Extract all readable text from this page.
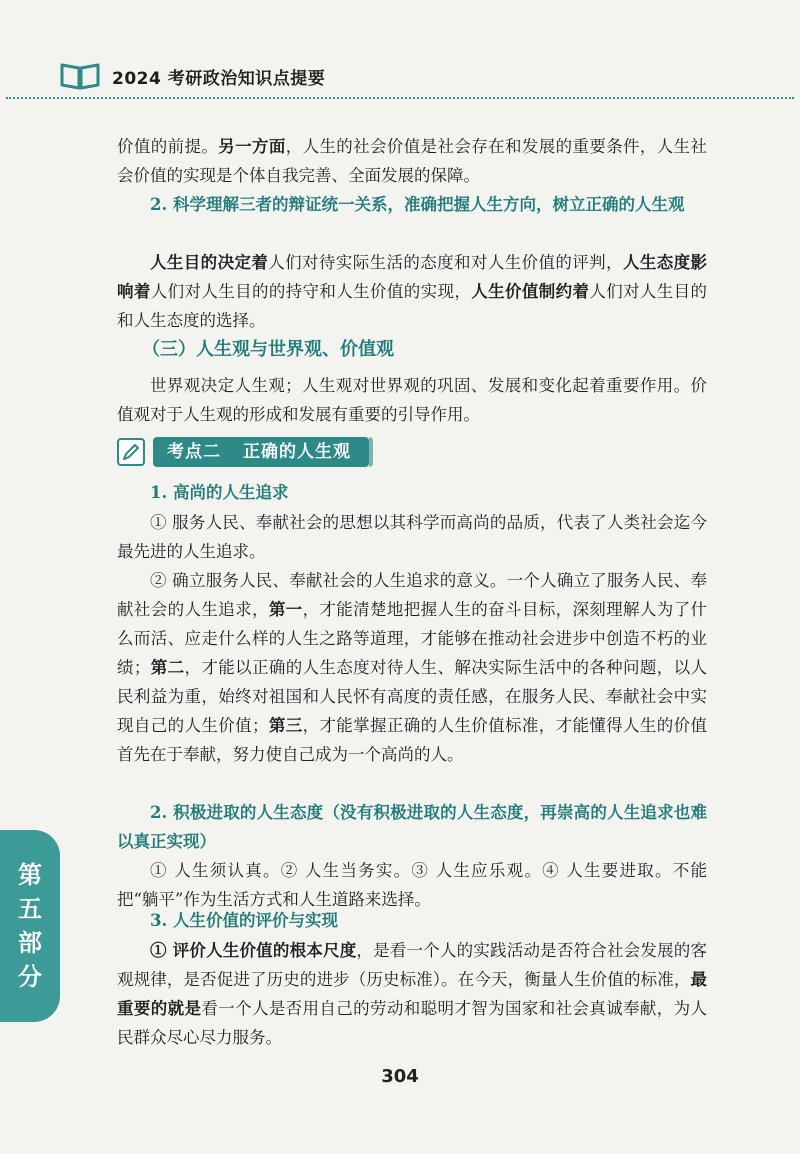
2024 考研政治知识点提要

价值的前提。另一方面，人生的社会价值是社会存在和发展的重要条件，人生社会价值的实现是个体自我完善、全面发展的保障。

2. 科学理解三者的辩证统一关系，准确把握人生方向，树立正确的人生观

人生目的决定着人们对待实际生活的态度和对人生价值的评判，人生态度影响着人们对人生目的的持守和人生价值的实现，人生价值制约着人们对人生目的和人生态度的选择。

（三）人生观与世界观、价值观

世界观决定人生观；人生观对世界观的巩固、发展和变化起着重要作用。价值观对于人生观的形成和发展有重要的引导作用。

考点二 正确的人生观

1. 高尚的人生追求

① 服务人民、奉献社会的思想以其科学而高尚的品质，代表了人类社会迄今最先进的人生追求。

② 确立服务人民、奉献社会的人生追求的意义。一个人确立了服务人民、奉献社会的人生追求，第一，才能清楚地把握人生的奋斗目标，深刻理解人为了什么而活、应走什么样的人生之路等道理，才能够在推动社会进步中创造不朽的业绩；第二，才能以正确的人生态度对待人生、解决实际生活中的各种问题，以人民利益为重，始终对祖国和人民怀有高度的责任感，在服务人民、奉献社会中实现自己的人生价值；第三，才能掌握正确的人生价值标准，才能懂得人生的价值首先在于奉献，努力使自己成为一个高尚的人。

2. 积极进取的人生态度（没有积极进取的人生态度，再崇高的人生追求也难以真正实现）

① 人生须认真。② 人生当务实。③ 人生应乐观。④ 人生要进取。不能把“躺平”作为生活方式和人生道路来选择。

3. 人生价值的评价与实现

① 评价人生价值的根本尺度，是看一个人的实践活动是否符合社会发展的客观规律，是否促进了历史的进步（历史标准）。在今天，衡量人生价值的标准，最重要的就是看一个人是否用自己的劳动和聪明才智为国家和社会真诚奉献，为人民群众尽心尽力服务。

第
五
部
分
304
